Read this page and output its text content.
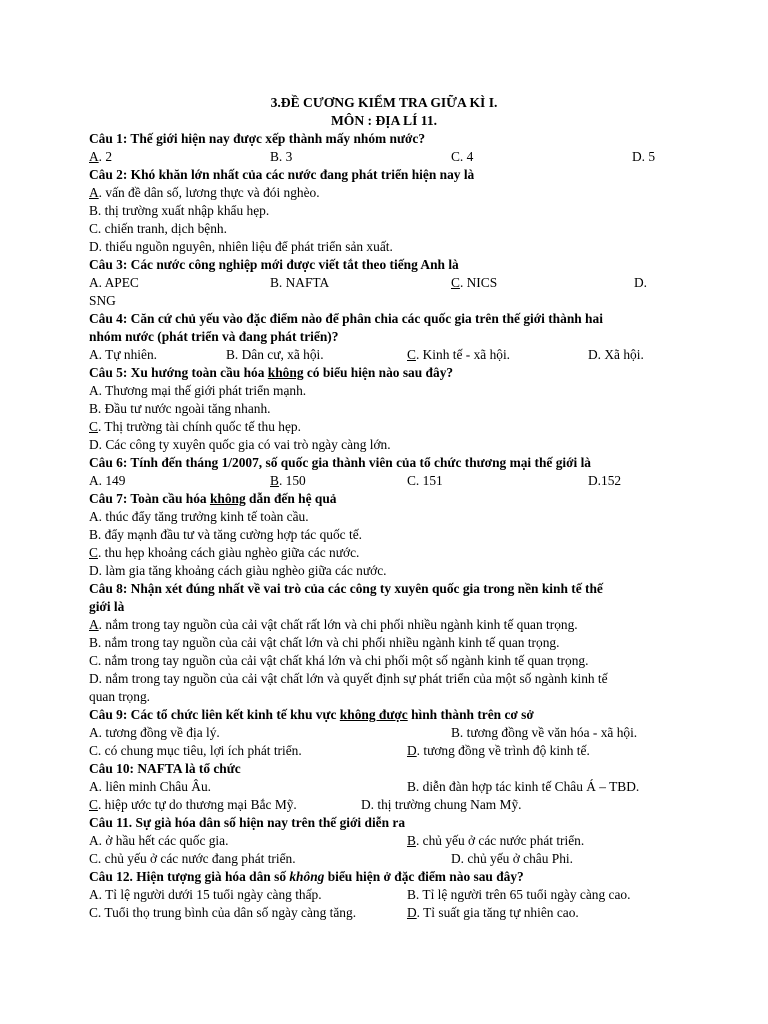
3.ĐỀ CƯƠNG KIỂM TRA GIỮA KÌ I.
MÔN : ĐỊA LÍ 11.
Câu 1: Thế giới hiện nay được xếp thành mấy nhóm nước?
A. 2	B. 3	C. 4	D. 5
Câu 2: Khó khăn lớn nhất của các nước đang phát triển hiện nay là
A. vấn đề dân số, lương thực và đói nghèo.
B. thị trường xuất nhập khẩu hẹp.
C. chiến tranh, dịch bệnh.
D. thiếu nguồn nguyên, nhiên liệu để phát triển sản xuất.
Câu 3: Các nước công nghiệp mới được viết tắt theo tiếng Anh là
A. APEC	B. NAFTA	C. NICS	D.
SNG
Câu 4: Căn cứ chủ yếu vào đặc điểm nào để phân chia các quốc gia trên thế giới thành hai
nhóm nước (phát triển và đang phát triển)?
A. Tự nhiên.	B. Dân cư, xã hội.	C. Kinh tế - xã hội.	D. Xã hội.
Câu 5: Xu hướng toàn cầu hóa không có biểu hiện nào sau đây?
A. Thương mại thế giới phát triển mạnh.
B. Đầu tư nước ngoài tăng nhanh.
C. Thị trường tài chính quốc tế thu hẹp.
D. Các công ty xuyên quốc gia có vai trò ngày càng lớn.
Câu 6: Tính đến tháng 1/2007, số quốc gia thành viên của tổ chức thương mại thế giới là
A. 149	B. 150	C. 151	D.152
Câu 7: Toàn cầu hóa không dẫn đến hệ quả
A. thúc đẩy tăng trưởng kinh tế toàn cầu.
B. đẩy mạnh đầu tư và tăng cường hợp tác quốc tế.
C. thu hẹp khoảng cách giàu nghèo giữa các nước.
D. làm gia tăng khoảng cách giàu nghèo giữa các nước.
Câu 8: Nhận xét đúng nhất về vai trò của các công ty xuyên quốc gia trong nền kinh tế thế
giới là
A. nắm trong tay nguồn của cải vật chất rất lớn và chi phối nhiều ngành kinh tế quan trọng.
B. nắm trong tay nguồn của cải vật chất lớn và chi phối nhiều ngành kinh tế quan trọng.
C. nắm trong tay nguồn của cải vật chất khá lớn và chi phối một số ngành kinh tế quan trọng.
D. nắm trong tay nguồn của cải vật chất lớn và quyết định sự phát triển của một số ngành kinh tế
quan trọng.
Câu 9: Các tổ chức liên kết kinh tế khu vực không được hình thành trên cơ sở
A. tương đồng về địa lý.	B. tương đồng về văn hóa - xã hội.
C. có chung mục tiêu, lợi ích phát triển.	D. tương đồng về trình độ kinh tế.
Câu 10: NAFTA là tổ chức
A. liên minh Châu Âu.	B. diễn đàn hợp tác kinh tế Châu Á – TBD.
C. hiệp ước tự do thương mại Bắc Mỹ.	D. thị trường chung Nam Mỹ.
Câu 11. Sự già hóa dân số hiện nay trên thế giới diễn ra
A. ở hầu hết các quốc gia.	B. chủ yếu ở các nước phát triển.
C. chủ yếu ở các nước đang phát triển.	D. chủ yếu ở châu Phi.
Câu 12. Hiện tượng già hóa dân số không biểu hiện ở đặc điểm nào sau đây?
A. Tỉ lệ người dưới 15 tuổi ngày càng thấp.	B. Tỉ lệ người trên 65 tuổi ngày càng cao.
C. Tuổi thọ trung bình của dân số ngày càng tăng.	D. Tỉ suất gia tăng tự nhiên cao.
